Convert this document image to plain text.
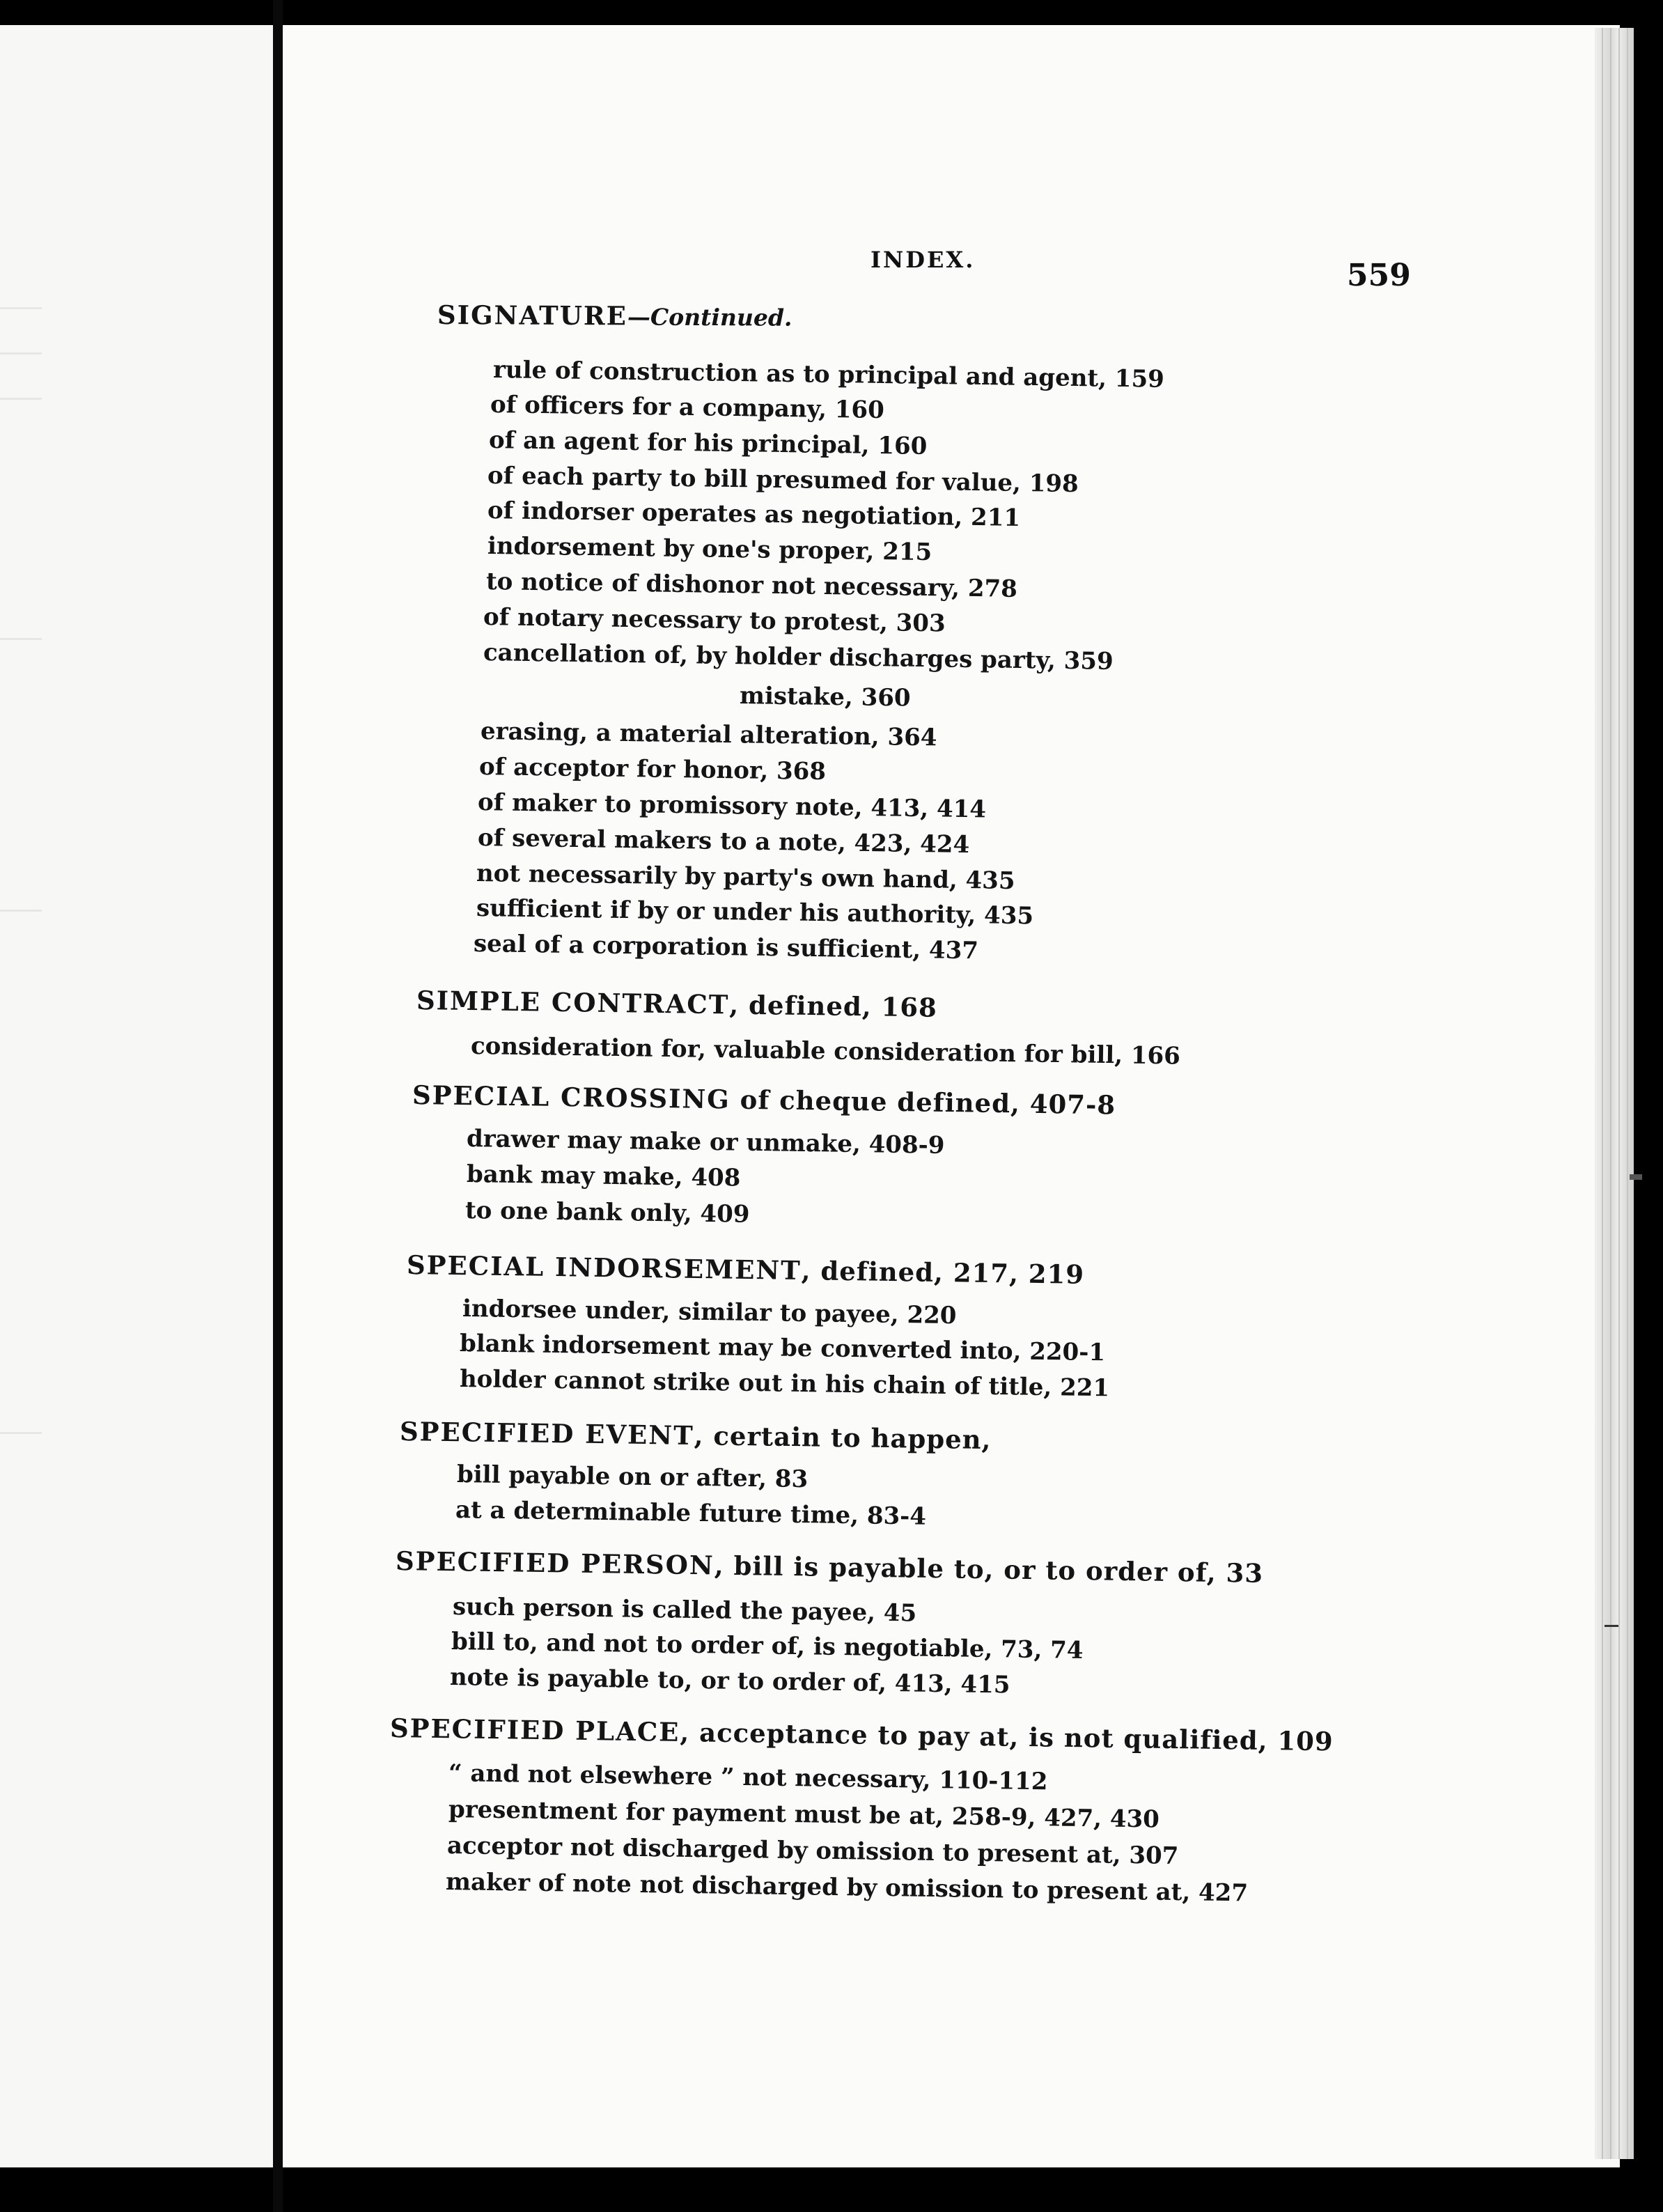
INDEX.	559
SIGNATURE—Continued.
rule of construction as to principal and agent, 159
of officers for a company, 160
of an agent for his principal, 160
of each party to bill presumed for value, 198
of indorser operates as negotiation, 211
indorsement by one's proper, 215
to notice of dishonor not necessary, 278
of notary necessary to protest, 303
cancellation of, by holder discharges party, 359
mistake, 360
erasing, a material alteration, 364
of acceptor for honor, 368
of maker to promissory note, 413, 414
of several makers to a note, 423, 424
not necessarily by party's own hand, 435
sufficient if by or under his authority, 435
seal of a corporation is sufficient, 437
SIMPLE CONTRACT, defined, 168
consideration for, valuable consideration for bill, 166
SPECIAL CROSSING of cheque defined, 407-8
drawer may make or unmake, 408-9
bank may make, 408
to one bank only, 409
SPECIAL INDORSEMENT, defined, 217, 219
indorsee under, similar to payee, 220
blank indorsement may be converted into, 220-1
holder cannot strike out in his chain of title, 221
SPECIFIED EVENT, certain to happen,
bill payable on or after, 83
at a determinable future time, 83-4
SPECIFIED PERSON, bill is payable to, or to order of, 33
such person is called the payee, 45
bill to, and not to order of, is negotiable, 73, 74
note is payable to, or to order of, 413, 415
SPECIFIED PLACE, acceptance to pay at, is not qualified, 109
“ and not elsewhere ” not necessary, 110-112
presentment for payment must be at, 258-9, 427, 430
acceptor not discharged by omission to present at, 307
maker of note not discharged by omission to present at, 427
